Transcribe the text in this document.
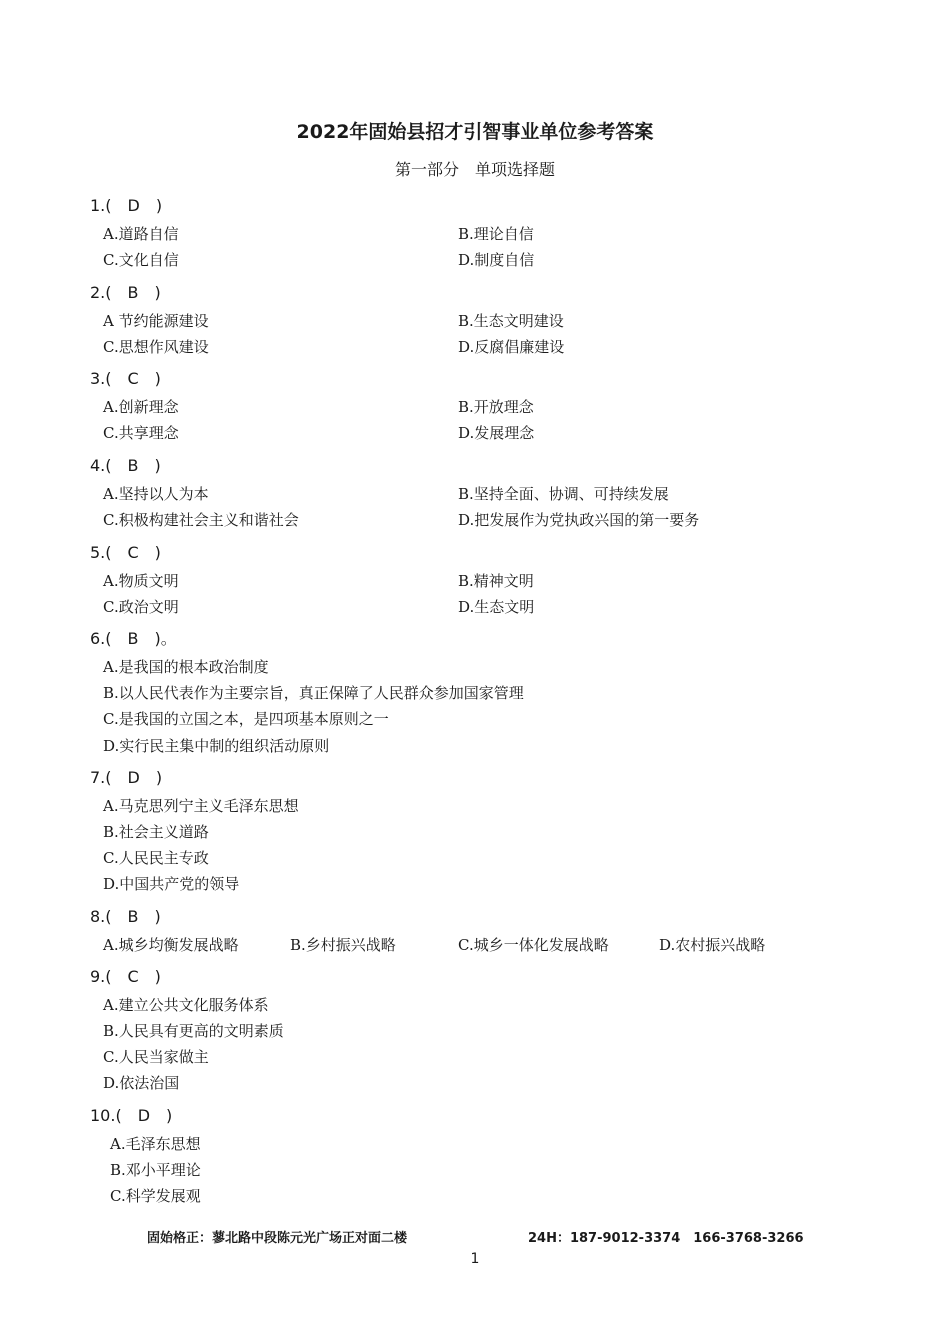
2022年固始县招才引智事业单位参考答案
第一部分　单项选择题
1.(　D　)
A.道路自信	B.理论自信
C.文化自信	D.制度自信
2.(　B　)
A 节约能源建设	B.生态文明建设
C.思想作风建设	D.反腐倡廉建设
3.(　C　)
A.创新理念	B.开放理念
C.共享理念	D.发展理念
4.(　B　)
A.坚持以人为本	B.坚持全面、协调、可持续发展
C.积极构建社会主义和谐社会	D.把发展作为党执政兴国的第一要务
5.(　C　)
A.物质文明	B.精神文明
C.政治文明	D.生态文明
6.(　B　)。
A.是我国的根本政治制度
B.以人民代表作为主要宗旨，真正保障了人民群众参加国家管理
C.是我国的立国之本，是四项基本原则之一
D.实行民主集中制的组织活动原则
7.(　D　)
A.马克思列宁主义毛泽东思想
B.社会主义道路
C.人民民主专政
D.中国共产党的领导
8.(　B　)
A.城乡均衡发展战略	B.乡村振兴战略	C.城乡一体化发展战略	D.农村振兴战略
9.(　C　)
A.建立公共文化服务体系
B.人民具有更高的文明素质
C.人民当家做主
D.依法治国
10.(　D　)
A.毛泽东思想
B.邓小平理论
C.科学发展观
固始格正：蓼北路中段陈元光广场正对面二楼	24H：187-9012-3374　166-3768-3266
1
